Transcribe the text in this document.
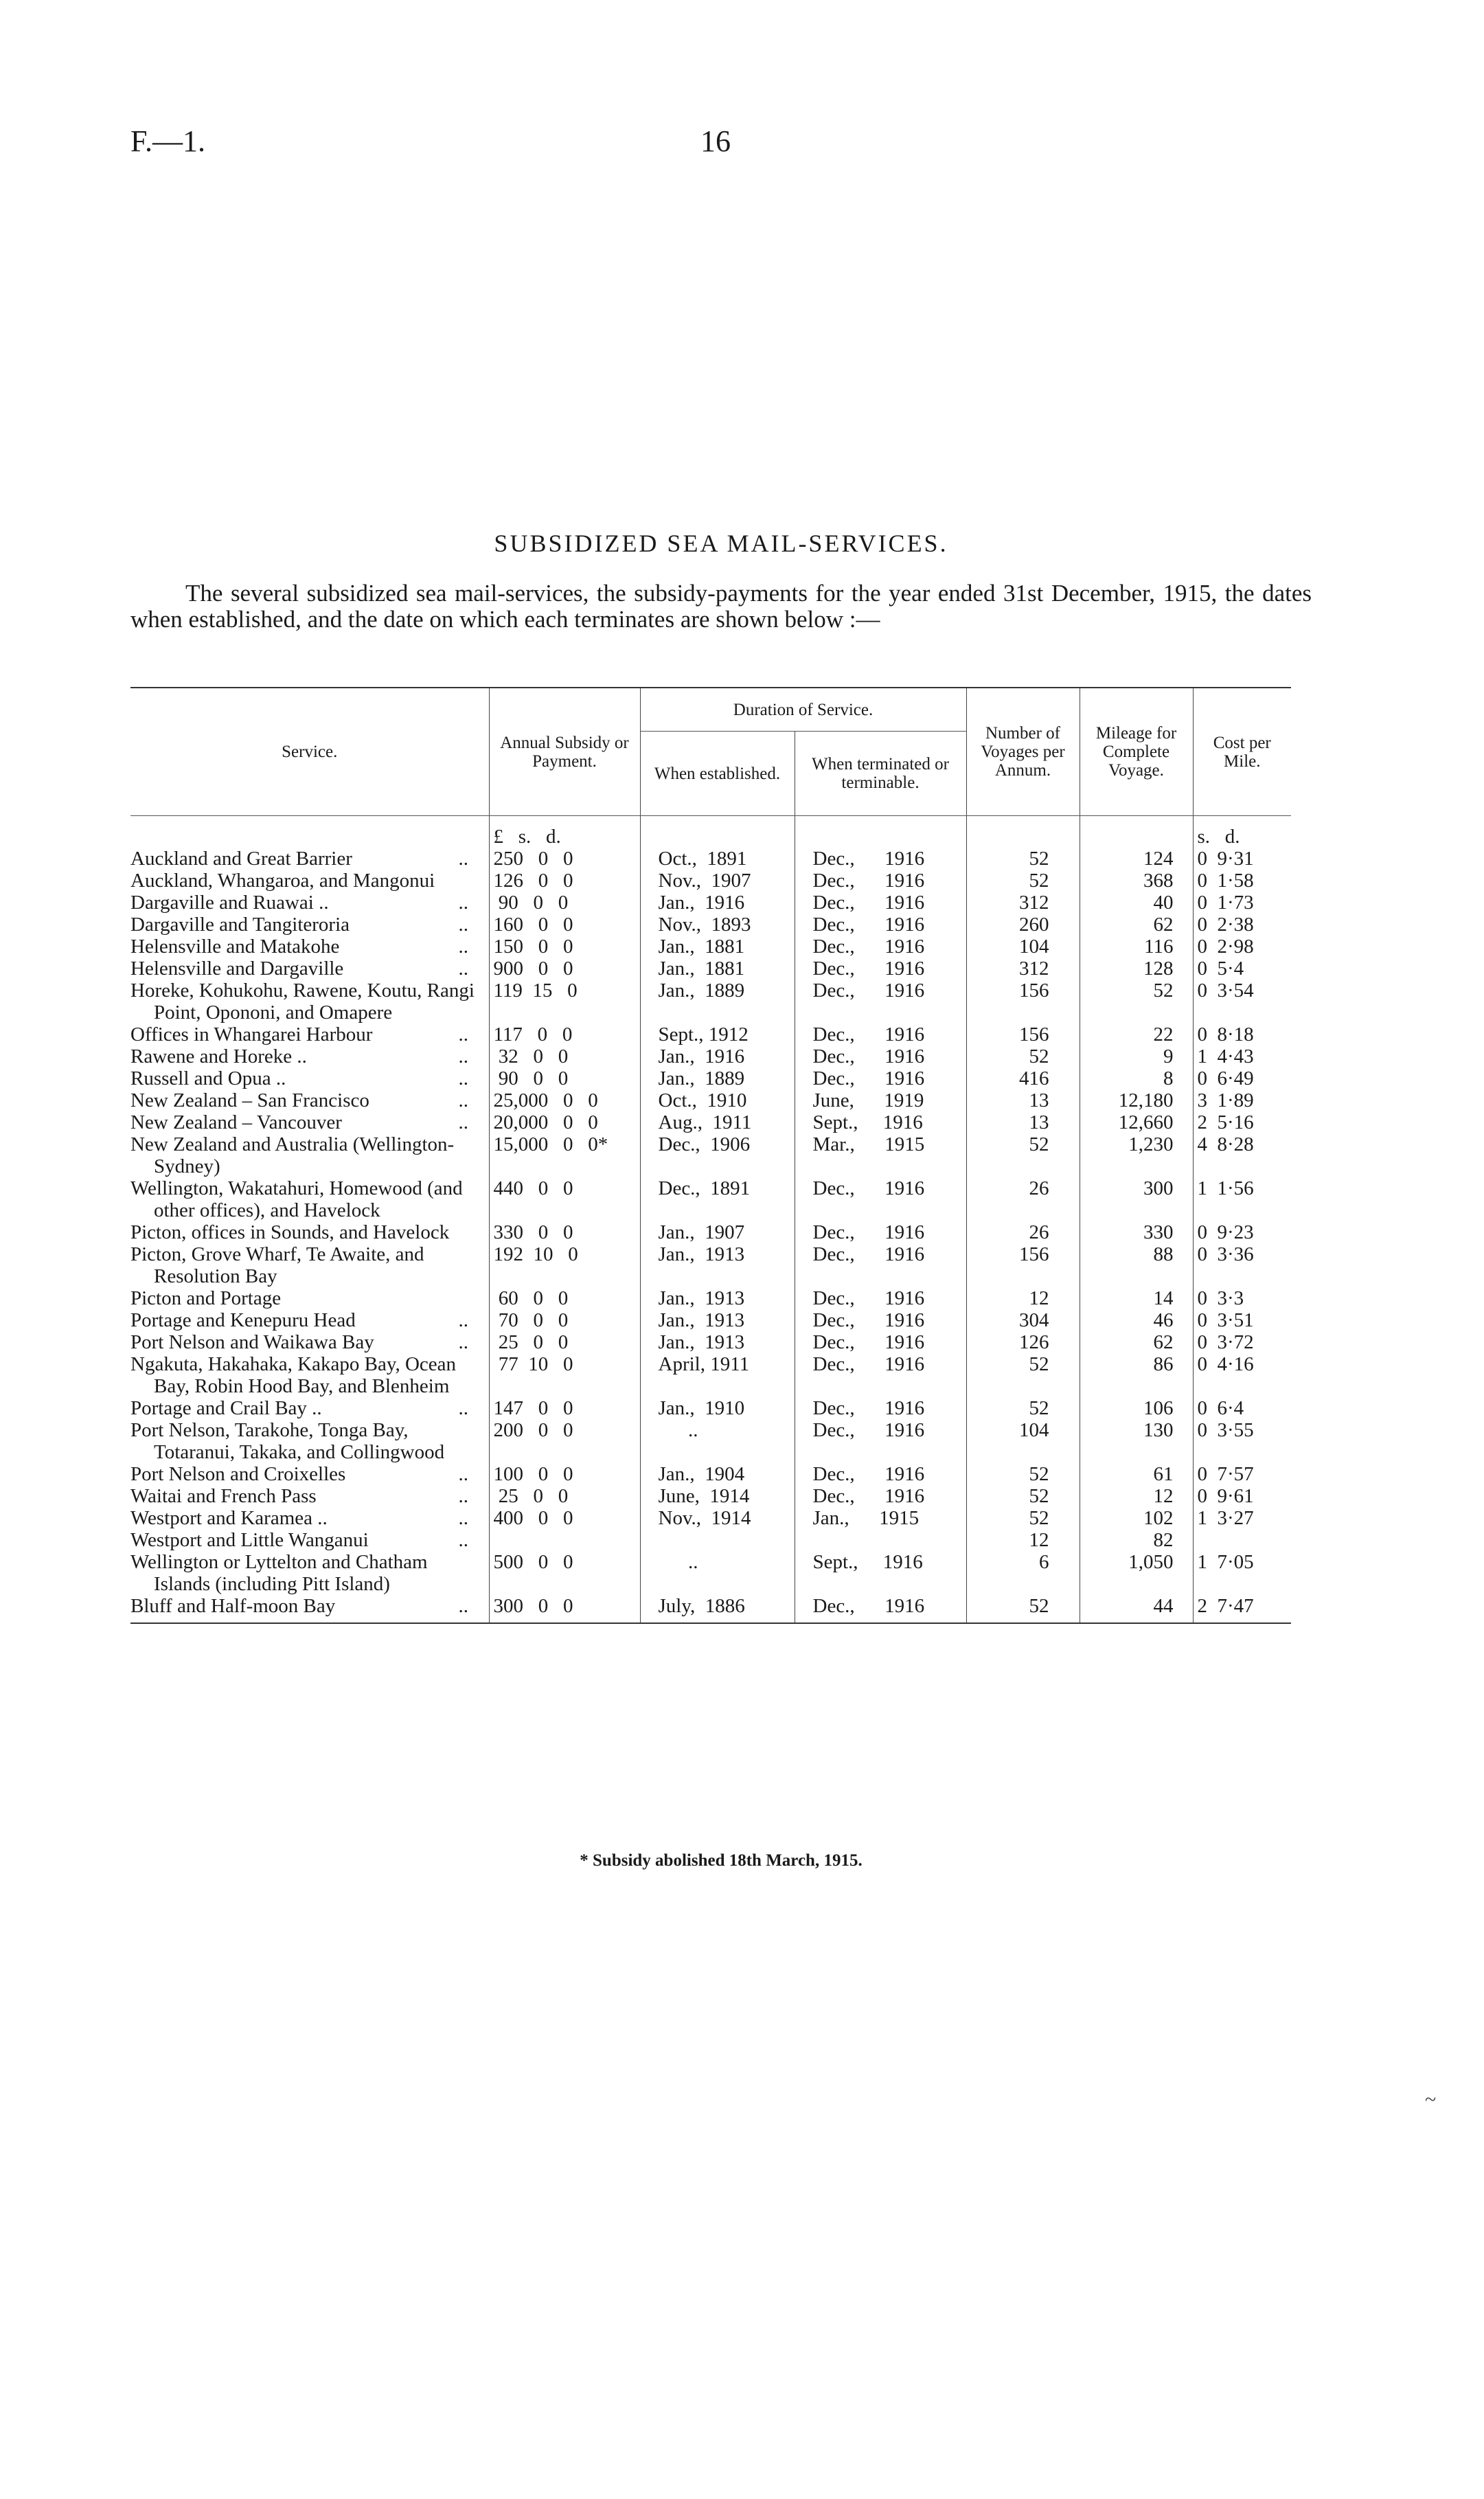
F.—1.	16
SUBSIDIZED SEA MAIL-SERVICES.
The several subsidized sea mail-services, the subsidy-payments for the year ended 31st December, 1915, the dates when established, and the date on which each terminates are shown below :—
Service.	Annual Subsidy or Payment.	Duration of Service.		Number of Voyages per Annum.	Mileage for Complete Voyage.	Cost per Mile.
		When established.	When terminated or terminable.			
	£   s.   d.					s.   d.

Auckland and Great Barrier ..	250   0   0	Oct.,  1891	Dec.,      1916	52	124	0  9·31

Auckland, Whangaroa, and Mangonui	126   0   0	Nov.,  1907	Dec.,      1916	52	368	0  1·58

Dargaville and Ruawai .. ..	90   0   0	Jan.,  1916	Dec.,      1916	312	40	0  1·73

Dargaville and Tangiteroria ..	160   0   0	Nov.,  1893	Dec.,      1916	260	62	0  2·38

Helensville and Matakohe ..	150   0   0	Jan.,  1881	Dec.,      1916	104	116	0  2·98

Helensville and Dargaville ..	900   0   0	Jan.,  1881	Dec.,      1916	312	128	0  5·4

Horeke, Kohukohu, Rawene, Koutu, Rangi Point, Opononi, and Omapere	119  15   0	Jan.,  1889	Dec.,      1916	156	52	0  3·54

Offices in Whangarei Harbour ..	117   0   0	Sept., 1912	Dec.,      1916	156	22	0  8·18

Rawene and Horeke .. ..	32   0   0	Jan.,  1916	Dec.,      1916	52	9	1  4·43

Russell and Opua .. ..	90   0   0	Jan.,  1889	Dec.,      1916	416	8	0  6·49

New Zealand – San Francisco ..	25,000   0   0	Oct.,  1910	June,      1919	13	12,180	3  1·89

New Zealand – Vancouver ..	20,000   0   0	Aug.,  1911	Sept.,     1916	13	12,660	2  5·16

New Zealand and Australia (Wellington-Sydney)	15,000   0   0*	Dec.,  1906	Mar.,      1915	52	1,230	4  8·28

Wellington, Wakatahuri, Homewood (and other offices), and Havelock	440   0   0	Dec.,  1891	Dec.,      1916	26	300	1  1·56

Picton, offices in Sounds, and Havelock	330   0   0	Jan.,  1907	Dec.,      1916	26	330	0  9·23

Picton, Grove Wharf, Te Awaite, and Resolution Bay	192  10   0	Jan.,  1913	Dec.,      1916	156	88	0  3·36

Picton and Portage	60   0   0	Jan.,  1913	Dec.,      1916	12	14	0  3·3

Portage and Kenepuru Head ..	70   0   0	Jan.,  1913	Dec.,      1916	304	46	0  3·51

Port Nelson and Waikawa Bay ..	25   0   0	Jan.,  1913	Dec.,      1916	126	62	0  3·72

Ngakuta, Hakahaka, Kakapo Bay, Ocean Bay, Robin Hood Bay, and Blenheim	77  10   0	April, 1911	Dec.,      1916	52	86	0  4·16

Portage and Crail Bay .. ..	147   0   0	Jan.,  1910	Dec.,      1916	52	106	0  6·4

Port Nelson, Tarakohe, Tonga Bay, Totaranui, Takaka, and Collingwood	200   0   0	..	Dec.,      1916	104	130	0  3·55

Port Nelson and Croixelles ..	100   0   0	Jan.,  1904	Dec.,      1916	52	61	0  7·57

Waitai and French Pass ..	25   0   0	June,  1914	Dec.,      1916	52	12	0  9·61

Westport and Karamea .. ..	400   0   0	Nov.,  1914	Jan.,      1915	52	102	1  3·27

Westport and Little Wanganui ..				12	82	

Wellington or Lyttelton and Chatham Islands (including Pitt Island)	500   0   0	..	Sept.,     1916	6	1,050	1  7·05

Bluff and Half-moon Bay ..	300   0   0	July,  1886	Dec.,      1916	52	44	2  7·47
* Subsidy abolished 18th March, 1915.
~
